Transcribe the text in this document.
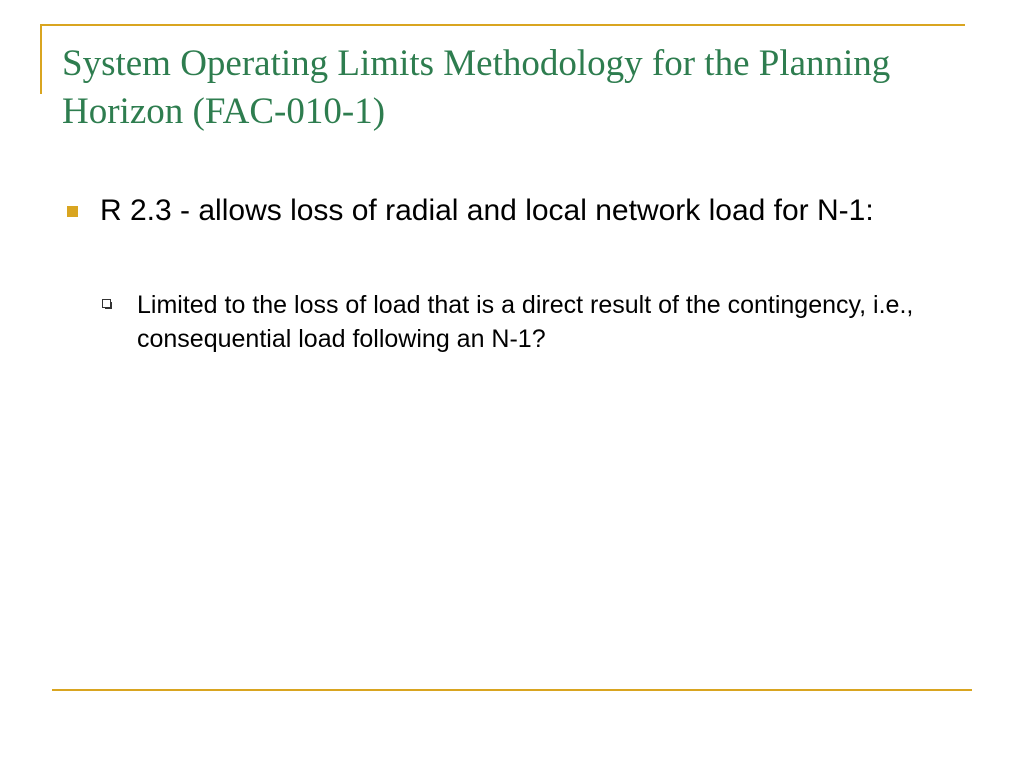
System Operating Limits Methodology for the Planning Horizon (FAC-010-1)
R 2.3 - allows loss of radial and local network load for N-1:
Limited to the loss of load that is a direct result of the contingency, i.e., consequential load following an N-1?
